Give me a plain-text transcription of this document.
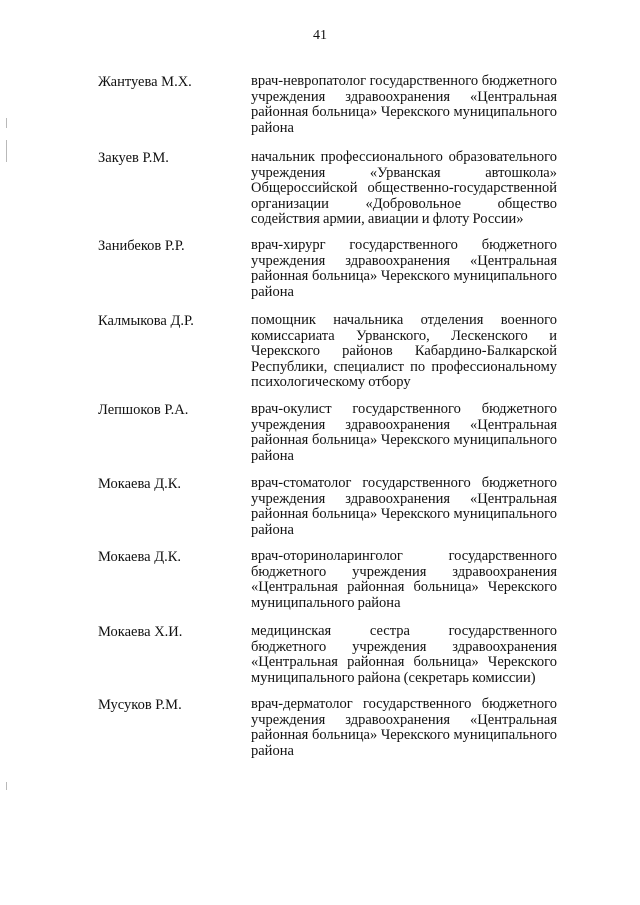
41
Жантуева М.Х.	врач-невропатолог государственного бюджетного учреждения здравоохранения «Центральная районная больница» Черекского муниципального района

Закуев Р.М.	начальник профессионального образовательного учреждения «Урванская автошкола» Общероссийской общественно-государственной организации «Добровольное общество содействия армии, авиации и флоту России»

Занибеков Р.Р.	врач-хирург государственного бюджетного учреждения здравоохранения «Центральная районная больница» Черекского муниципального района

Калмыкова Д.Р.	помощник начальника отделения военного комиссариата Урванского, Лескенского и Черекского районов Кабардино-Балкарской Республики, специалист по профессиональному психологическому отбору

Лепшоков Р.А.	врач-окулист государственного бюджетного учреждения здравоохранения «Центральная районная больница» Черекского муниципального района

Мокаева Д.К.	врач-стоматолог государственного бюджетного учреждения здравоохранения «Центральная районная больница» Черекского муниципального района

Мокаева Д.К.	врач-оториноларинголог государственного бюджетного учреждения здравоохранения «Центральная районная больница» Черекского муниципального района

Мокаева Х.И.	медицинская сестра государственного бюджетного учреждения здравоохранения «Центральная районная больница» Черекского муниципального района (секретарь комиссии)

Мусуков Р.М.	врач-дерматолог государственного бюджетного учреждения здравоохранения «Центральная районная больница» Черекского муниципального района
